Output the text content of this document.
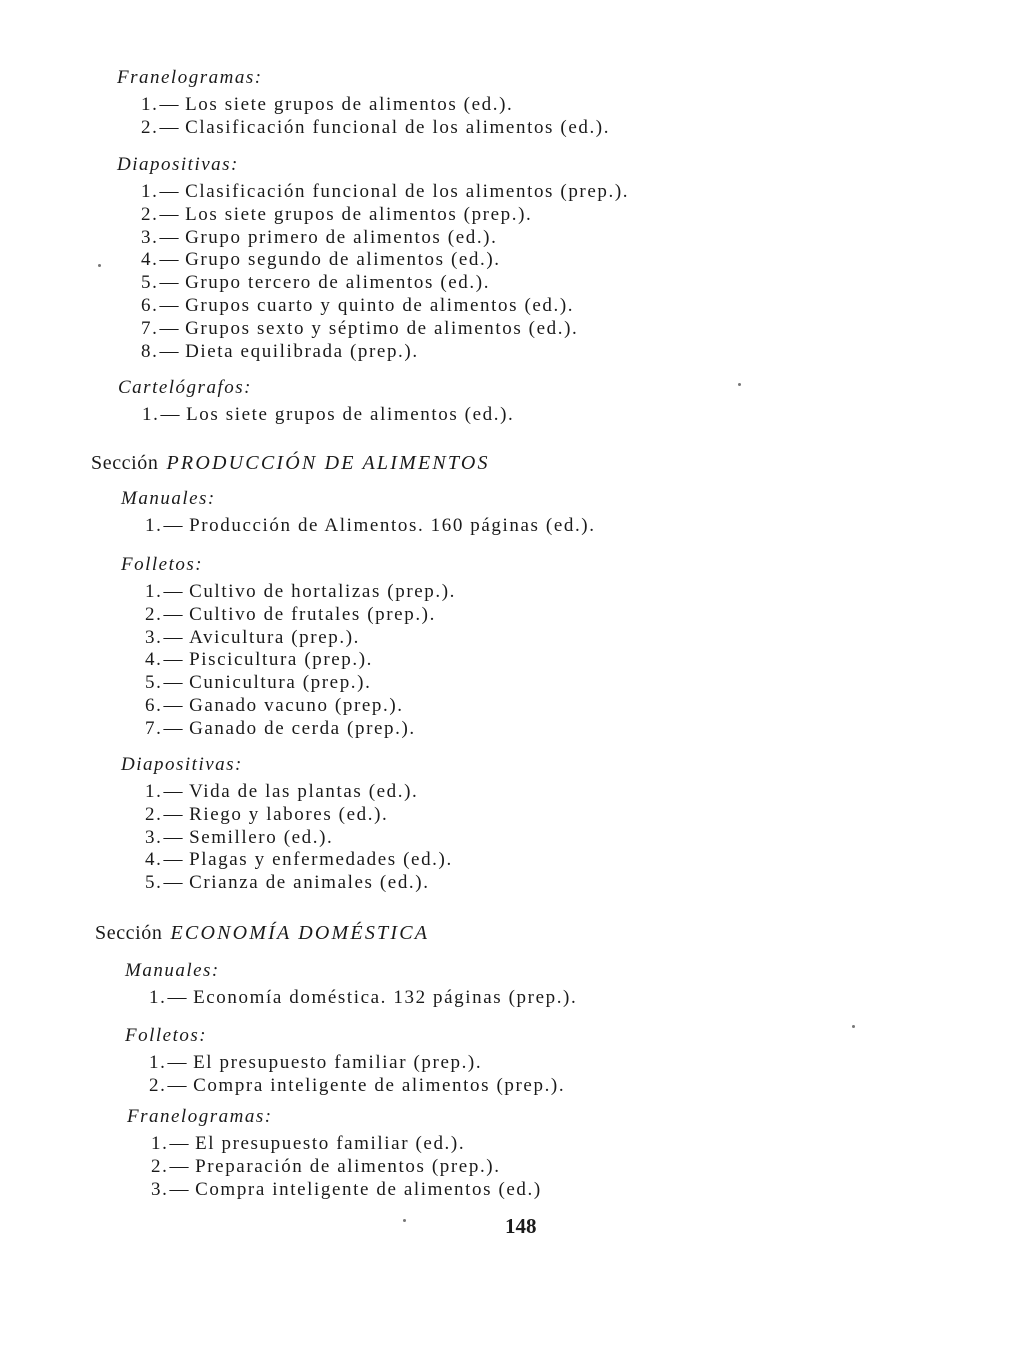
Franelogramas:

1.— Los siete grupos de alimentos (ed.).
2.— Clasificación funcional de los alimentos (ed.).

Diapositivas:

1.— Clasificación funcional de los alimentos (prep.).
2.— Los siete grupos de alimentos (prep.).
3.— Grupo primero de alimentos (ed.).
4.— Grupo segundo de alimentos (ed.).
5.— Grupo tercero de alimentos (ed.).
6.— Grupos cuarto y quinto de alimentos (ed.).
7.— Grupos sexto y séptimo de alimentos (ed.).
8.— Dieta equilibrada (prep.).

Cartelógrafos:

1.— Los siete grupos de alimentos (ed.).
Sección PRODUCCIÓN DE ALIMENTOS

Manuales:

1.— Producción de Alimentos. 160 páginas (ed.).

Folletos:

1.— Cultivo de hortalizas (prep.).
2.— Cultivo de frutales (prep.).
3.— Avicultura (prep.).
4.— Piscicultura (prep.).
5.— Cunicultura (prep.).
6.— Ganado vacuno (prep.).
7.— Ganado de cerda (prep.).

Diapositivas:

1.— Vida de las plantas (ed.).
2.— Riego y labores (ed.).
3.— Semillero (ed.).
4.— Plagas y enfermedades (ed.).
5.— Crianza de animales (ed.).
Sección ECONOMÍA DOMÉSTICA

Manuales:

1.— Economía doméstica. 132 páginas (prep.).

Folletos:

1.— El presupuesto familiar (prep.).
2.— Compra inteligente de alimentos (prep.).

Franelogramas:

1.— El presupuesto familiar (ed.).
2.— Preparación de alimentos (prep.).
3.— Compra inteligente de alimentos (ed.)
148
